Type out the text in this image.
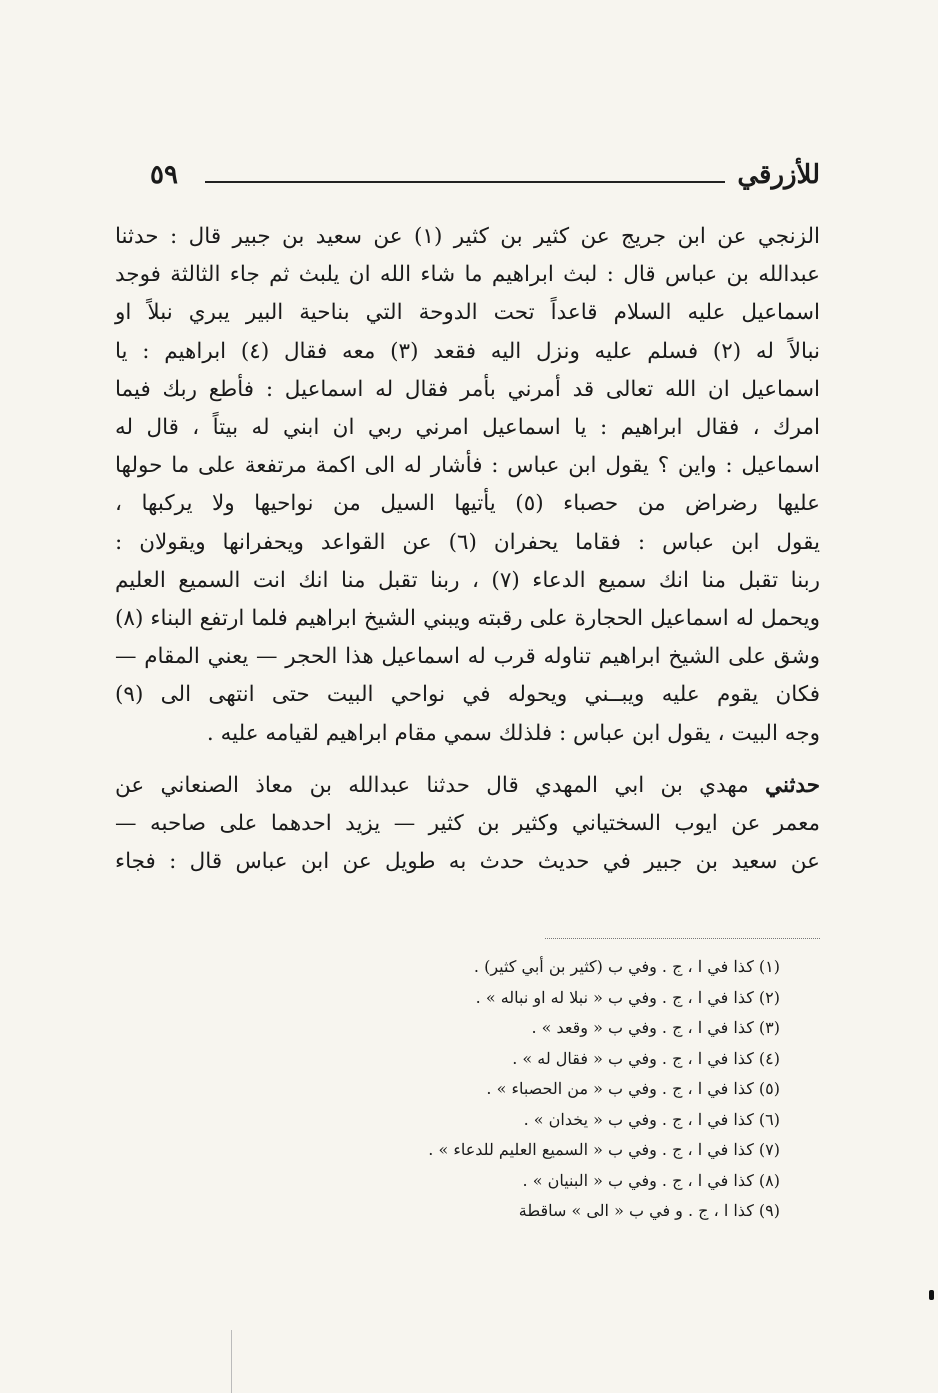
٥٩	للأزرقي

الزنجي عن ابن جريج عن كثير بن كثير (١) عن سعيد بن جبير قال : حدثنا
عبدالله بن عباس قال : لبث ابراهيم ما شاء الله ان يلبث ثم جاء الثالثة فوجد
اسماعيل عليه السلام قاعداً تحت الدوحة التي بناحية البير يبري نبلاً او
نبالاً له (٢) فسلم عليه ونزل اليه فقعد (٣) معه فقال (٤) ابراهيم : يا
اسماعيل ان الله تعالى قد أمرني بأمر فقال له اسماعيل : فأطع ربك فيما
امرك ، فقال ابراهيم : يا اسماعيل امرني ربي ان ابني له بيتاً ، قال له
اسماعيل : واين ؟ يقول ابن عباس : فأشار له الى اكمة مرتفعة على ما حولها
عليها رضراض من حصباء (٥) يأتيها السيل من نواحيها ولا يركبها ،
يقول ابن عباس : فقاما يحفران (٦) عن القواعد ويحفرانها ويقولان :
ربنا تقبل منا انك سميع الدعاء (٧) ، ربنا تقبل منا انك انت السميع العليم
ويحمل له اسماعيل الحجارة على رقبته ويبني الشيخ ابراهيم فلما ارتفع البناء (٨)
وشق على الشيخ ابراهيم تناوله قرب له اسماعيل هذا الحجر — يعني المقام —
فكان يقوم عليه ويبــني ويحوله في نواحي البيت حتى انتهى الى (٩)
وجه البيت ، يقول ابن عباس : فلذلك سمي مقام ابراهيم لقيامه عليه .

حدثني مهدي بن ابي المهدي قال حدثنا عبدالله بن معاذ الصنعاني عن
معمر عن ايوب السختياني وكثير بن كثير — يزيد احدهما على صاحبه —
عن سعيد بن جبير في حديث حدث به طويل عن ابن عباس قال : فجاء

(١) كذا في ا ، ج . وفي ب (كثير بن أبي كثير) .
(٢) كذا في ا ، ج . وفي ب « نبلا له او نباله » .
(٣) كذا في ا ، ج . وفي ب « وقعد » .
(٤) كذا في ا ، ج . وفي ب « فقال له » .
(٥) كذا في ا ، ج . وفي ب « من الحصباء » .
(٦) كذا في ا ، ج . وفي ب « يخدان » .
(٧) كذا في ا ، ج . وفي ب « السميع العليم للدعاء » .
(٨) كذا في ا ، ج . وفي ب « البنيان » .
(٩) كذا ا ، ج . و في ب « الى » ساقطة
